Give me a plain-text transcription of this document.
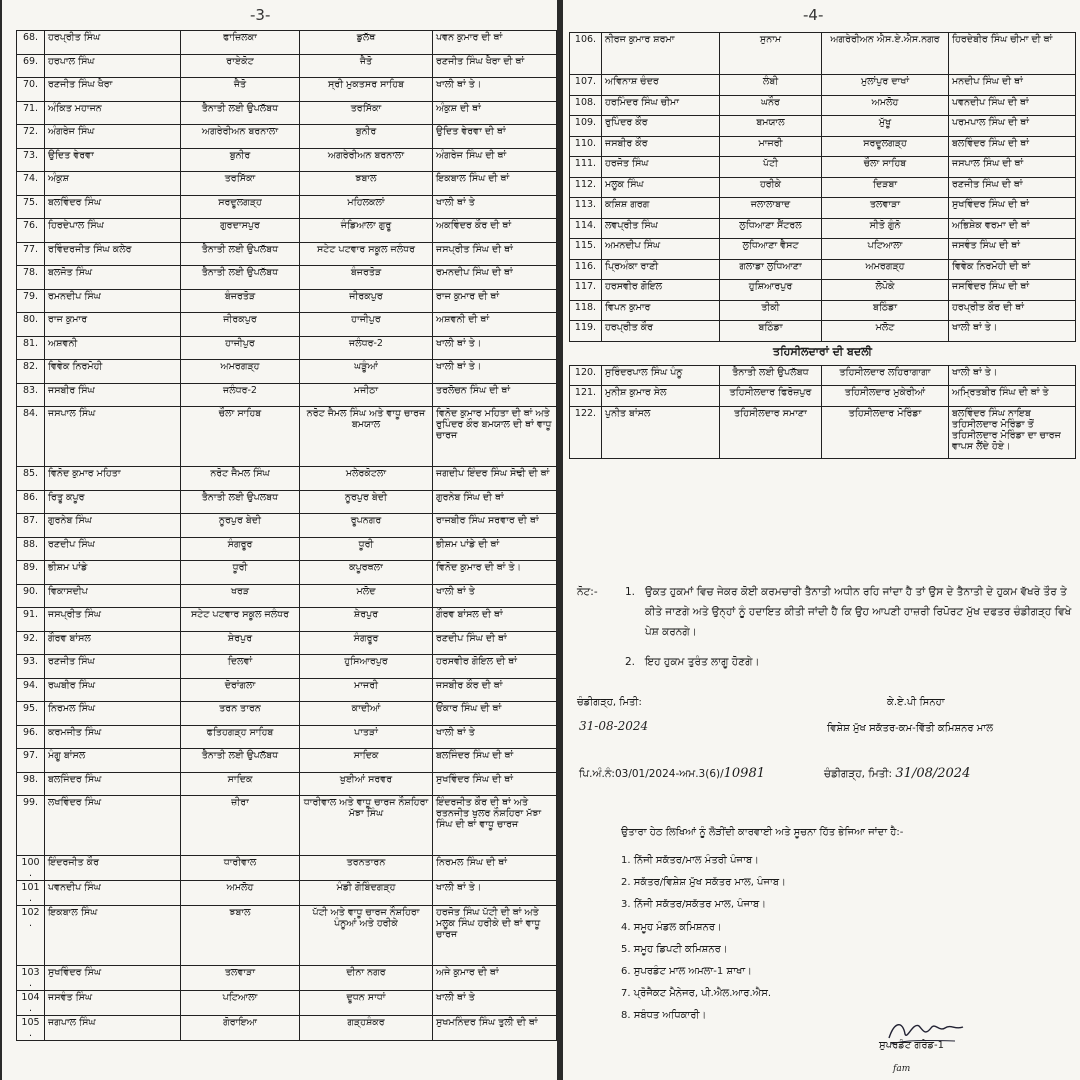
-3-
68.	ਹਰਪ੍ਰੀਤ ਸਿੰਘ	ਫਾਜ਼ਿਲਕਾ	ਡੁਲੱਥ	ਪਵਨ ਕੁਮਾਰ ਦੀ ਥਾਂ
69.	ਹਰਪਾਲ ਸਿੰਘ	ਰਾਏਕੋਟ	ਜੈਤੋ	ਰਣਜੀਤ ਸਿੰਘ ਖੈਰਾ ਦੀ ਥਾਂ
70.	ਰਣਜੀਤ ਸਿੰਘ ਖੈਰਾ	ਜੈਤੋ	ਸ੍ਰੀ ਮੁਕਤਸਰ ਸਾਹਿਬ	ਖਾਲੀ ਥਾਂ ਤੇ।
71.	ਅੰਕਿਤ ਮਹਾਜਨ	ਤੈਨਾਤੀ ਲਈ ਉਪਲੱਬਧ	ਤਰਸਿੱਕਾ	ਅੰਕੁਸ਼ ਦੀ ਥਾਂ
72.	ਅੰਗਰੇਜ ਸਿੰਘ	ਅਗਰੇਰੀਅਨ ਬਰਨਾਲਾ	ਬੁਨੀਰ	ਉਦਿਤ ਵੇਰਵਾ ਦੀ ਥਾਂ
73.	ਉਦਿਤ ਵੇਰਵਾ	ਬੁਨੀਰ	ਅਗਰੇਰੀਅਨ ਬਰਨਾਲਾ	ਅੰਗਰੇਜ ਸਿੰਘ ਦੀ ਥਾਂ
74.	ਅੰਕੁਸ਼	ਤਰਸਿੱਕਾ	ਝਬਾਲ	ਇਕਬਾਲ ਸਿੰਘ ਦੀ ਥਾਂ
75.	ਬਲਵਿੰਦਰ ਸਿੰਘ	ਸਰਦੂਲਗੜ੍ਹ	ਮਹਿਲਕਲਾਂ	ਖਾਲੀ ਥਾਂ ਤੇ
76.	ਹਿਰਦੇਪਾਲ ਸਿੰਘ	ਗੁਰਦਾਸਪੁਰ	ਜੰਡਿਆਲਾ ਗੁਰੂ	ਅਕਵਿੰਦਰ ਕੌਰ ਦੀ ਥਾਂ
77.	ਰਵਿੰਦਰਜੀਤ ਸਿੰਘ ਕਲੇਰ	ਤੈਨਾਤੀ ਲਈ ਉਪਲੱਬਧ	ਸਟੇਟ ਪਟਵਾਰ ਸਕੂਲ ਜਲੰਧਰ	ਜਸਪ੍ਰੀਤ ਸਿੰਘ ਦੀ ਥਾਂ
78.	ਬਲਜੋਤ ਸਿੰਘ	ਤੈਨਾਤੀ ਲਈ ਉਪਲੱਬਧ	ਬੰਜਰਤੋੜ	ਰਮਨਦੀਪ ਸਿੰਘ ਦੀ ਥਾਂ
79.	ਰਮਨਦੀਪ ਸਿੰਘ	ਬੰਜਰਤੋੜ	ਜੀਰਕਪੁਰ	ਰਾਜ ਕੁਮਾਰ ਦੀ ਥਾਂ
80.	ਰਾਜ ਕੁਮਾਰ	ਜੀਰਕਪੁਰ	ਹਾਜੀਪੁਰ	ਅਸ਼ਵਨੀ ਦੀ ਥਾਂ
81.	ਅਸ਼ਵਨੀ	ਹਾਜੀਪੁਰ	ਜਲੰਧਰ-2	ਖਾਲੀ ਥਾਂ ਤੇ।
82.	ਵਿਵੇਕ ਨਿਰਮੋਹੀ	ਅਮਰਗੜ੍ਹ	ਘੜੂੰਆਂ	ਖਾਲੀ ਥਾਂ ਤੇ।
83.	ਜਸਬੀਰ ਸਿੰਘ	ਜਲੰਧਰ-2	ਮਜੀਠਾ	ਤਰਲੋਚਨ ਸਿੰਘ ਦੀ ਥਾਂ
84.	ਜਸਪਾਲ ਸਿੰਘ	ਚੌਲਾ ਸਾਹਿਬ	ਨਰੋਟ ਜੈਮਲ ਸਿੰਘ ਅਤੇ ਵਾਧੂ ਚਾਰਜ ਬਮਯਾਲ	ਵਿਨੋਦ ਕੁਮਾਰ ਮਹਿਤਾ ਦੀ ਥਾਂ ਅਤੇ ਰੁਪਿੰਦਰ ਕੌਰ ਬਮਯਾਲ ਦੀ ਥਾਂ ਵਾਧੂ ਚਾਰਜ
85.	ਵਿਨੋਦ ਕੁਮਾਰ ਮਹਿਤਾ	ਨਰੋਟ ਜੈਮਲ ਸਿੰਘ	ਮਲੇਰਕੋਟਲਾ	ਜਗਦੀਪ ਇੰਦਰ ਸਿੰਘ ਸੋਢੀ ਦੀ ਥਾਂ
86.	ਰਿਤੂ ਕਪੂਰ	ਤੈਨਾਤੀ ਲਈ ਉਪਲਬਧ	ਨੂਰਪੁਰ ਬੇਦੀ	ਗੁਰਨੇਬ ਸਿੰਘ ਦੀ ਥਾਂ
87.	ਗੁਰਨੇਬ ਸਿੰਘ	ਨੂਰਪੁਰ ਬੇਦੀ	ਰੂਪਨਗਰ	ਰਾਜਬੀਰ ਸਿੰਘ ਸਰਵਾਰ ਦੀ ਥਾਂ
88.	ਰਣਦੀਪ ਸਿੰਘ	ਸੰਗਰੂਰ	ਧੂਰੀ	ਭੀਸ਼ਮ ਪਾਂਡੇ ਦੀ ਥਾਂ
89.	ਭੀਸ਼ਮ ਪਾਂਡੇ	ਧੂਰੀ	ਕਪੂਰਥਲਾ	ਵਿਨੋਦ ਕੁਮਾਰ ਦੀ ਥਾਂ ਤੇ।
90.	ਵਿਕਾਸਦੀਪ	ਖਰੜ	ਮਲੋਦ	ਖਾਲੀ ਥਾਂ ਤੇ
91.	ਜਸਪ੍ਰੀਤ ਸਿੰਘ	ਸਟੇਟ ਪਟਵਾਰ ਸਕੂਲ ਜਲੰਧਰ	ਸ਼ੇਰਪੁਰ	ਗੌਰਵ ਬਾਂਸਲ ਦੀ ਥਾਂ
92.	ਗੌਰਵ ਬਾਂਸਲ	ਸ਼ੇਰਪੁਰ	ਸੰਗਰੂਰ	ਰਣਦੀਪ ਸਿੰਘ ਦੀ ਥਾਂ
93.	ਰਣਜੀਤ ਸਿੰਘ	ਦਿਲਵਾਂ	ਹੁਸਿਆਰਪੁਰ	ਹਰਸਵੀਰ ਗੋਇਲ ਦੀ ਥਾਂ
94.	ਰਘਬੀਰ ਸਿੰਘ	ਦੋਰਾਂਗਲਾ	ਮਾਜਰੀ	ਜਸਬੀਰ ਕੌਰ ਦੀ ਥਾਂ
95.	ਨਿਰਮਲ ਸਿੰਘ	ਤਰਨ ਤਾਰਨ	ਕਾਦੀਆਂ	ਓਂਕਾਰ ਸਿੰਘ ਦੀ ਥਾਂ
96.	ਕਰਮਜੀਤ ਸਿੰਘ	ਫਤਿਹਗੜ੍ਹ ਸਾਹਿਬ	ਪਾਤੜਾਂ	ਖਾਲੀ ਥਾਂ ਤੇ
97.	ਮੰਗੂ ਬਾਂਸਲ	ਤੈਨਾਤੀ ਲਈ ਉਪਲੱਬਧ	ਸਾਦਿਕ	ਬਲਜਿੰਦਰ ਸਿੰਘ ਦੀ ਥਾਂ
98.	ਬਲਜਿੰਦਰ ਸਿੰਘ	ਸਾਦਿਕ	ਖੁਈਆਂ ਸਰਵਰ	ਸੁਖਵਿੰਦਰ ਸਿੰਘ ਦੀ ਥਾਂ
99.	ਲਖਵਿੰਦਰ ਸਿੰਘ	ਜ਼ੀਰਾ	ਧਾਰੀਵਾਲ ਅਤੇ ਵਾਧੂ ਚਾਰਜ ਨੌਸ਼ਹਿਰਾ ਮੱਝਾ ਸਿੰਘ	ਇੰਦਰਜੀਤ ਕੌਰ ਦੀ ਥਾਂ ਅਤੇ ਰਤਨਜੀਤ ਖੁਲਰ ਨੌਸ਼ਹਿਰਾ ਮੱਝਾ ਸਿੰਘ ਦੀ ਥਾਂ ਵਾਧੂ ਚਾਰਜ
100.	ਇੰਦਰਜੀਤ ਕੌਰ	ਧਾਰੀਵਾਲ	ਤਰਨਤਾਰਨ	ਨਿਰਮਲ ਸਿੰਘ ਦੀ ਥਾਂ
101.	ਪਵਨਦੀਪ ਸਿੰਘ	ਅਮਲੋਹ	ਮੰਡੀ ਗੋਬਿੰਦਗੜ੍ਹ	ਖਾਲੀ ਥਾਂ ਤੇ।
102.	ਇਕਬਾਲ ਸਿੰਘ	ਝਬਾਲ	ਪੱਟੀ ਅਤੇ ਵਾਧੂ ਚਾਰਜ ਨੌਸ਼ਹਿਰਾ ਪੰਨੂਆਂ ਅਤੇ ਹਰੀਕੇ	ਹਰਜੋਤ ਸਿੰਘ ਪੱਟੀ ਦੀ ਥਾਂ ਅਤੇ ਮਲੂਕ ਸਿੰਘ ਹਰੀਕੇ ਦੀ ਥਾਂ ਵਾਧੂ ਚਾਰਜ
103.	ਸੁਖਵਿੰਦਰ ਸਿੰਘ	ਤਲਵਾੜਾ	ਦੀਨਾ ਨਗਰ	ਅਜੇ ਕੁਮਾਰ ਦੀ ਥਾਂ
104.	ਜਸਵੰਤ ਸਿੰਘ	ਪਟਿਆਲਾ	ਦੂਧਨ ਸਾਧਾਂ	ਖਾਲੀ ਥਾਂ ਤੇ
105.	ਜਗਪਾਲ ਸਿੰਘ	ਗੋਰਾਇਆ	ਗੜ੍ਹਸ਼ੰਕਰ	ਸੁਖਮਨਿੰਦਰ ਸਿੰਘ ਤੁਲੀ ਦੀ ਥਾਂ
-4-
106.	ਨੀਰਜ ਕੁਮਾਰ ਸ਼ਰਮਾ	ਸੁਨਾਮ	ਅਗਰੇਰੀਅਨ ਐਸ.ਏ.ਐਸ.ਨਗਰ	ਹਿਰਦੇਬੀਰ ਸਿੰਘ ਚੀਮਾ ਦੀ ਥਾਂ
107.	ਅਵਿਨਾਸ਼ ਚੰਦਰ	ਲੰਬੀ	ਮੁਲਾਂਪੁਰ ਦਾਖਾਂ	ਮਨਦੀਪ ਸਿੰਘ ਦੀ ਥਾਂ
108.	ਹਰਮਿੰਦਰ ਸਿੰਘ ਚੀਮਾ	ਘਨੌਰ	ਅਮਲੋਹ	ਪਵਨਦੀਪ ਸਿੰਘ ਦੀ ਥਾਂ
109.	ਰੁਪਿੰਦਰ ਕੌਰ	ਬਮਯਾਲ	ਮੁੱਖੂ	ਪਰਮਪਾਲ ਸਿੰਘ ਦੀ ਥਾਂ
110.	ਜਸਬੀਰ ਕੌਰ	ਮਾਜਰੀ	ਸਰਦੂਲਗੜ੍ਹ	ਬਲਵਿੰਦਰ ਸਿੰਘ ਦੀ ਥਾਂ
111.	ਹਰਜੋਤ ਸਿੰਘ	ਪੱਟੀ	ਚੌਲਾ ਸਾਹਿਬ	ਜਸਪਾਲ ਸਿੰਘ ਦੀ ਥਾਂ
112.	ਮਲੂਕ ਸਿੰਘ	ਹਰੀਕੇ	ਦਿੜਬਾ	ਰਣਜੀਤ ਸਿੰਘ ਦੀ ਥਾਂ
113.	ਕਸ਼ਿਸ਼ ਗਰਗ	ਜਲਾਲਾਬਾਦ	ਤਲਵਾੜਾ	ਸੁਖਵਿੰਦਰ ਸਿੰਘ ਦੀ ਥਾਂ
114.	ਲਵਪ੍ਰੀਤ ਸਿੰਘ	ਲੁਧਿਆਣਾ ਸੈਂਟਰਲ	ਸੀਤੋ ਗੁੰਨੋ	ਅਭਿਸ਼ੇਕ ਵਰਮਾ ਦੀ ਥਾਂ
115.	ਅਮਨਦੀਪ ਸਿੰਘ	ਲੁਧਿਆਣਾ ਵੈਸਟ	ਪਟਿਆਲਾ	ਜਸਵੰਤ ਸਿੰਘ ਦੀ ਥਾਂ
116.	ਪ੍ਰਿਅੰਕਾ ਰਾਣੀ	ਗਲਾਡਾ ਲੁਧਿਆਣਾ	ਅਮਰਗੜ੍ਹ	ਵਿਵੇਕ ਨਿਰਮੋਹੀ ਦੀ ਥਾਂ
117.	ਹਰਸਵੀਰ ਗੋਇਲ	ਹੁਸ਼ਿਆਰਪੁਰ	ਲੋਪੋਕੇ	ਜਸਵਿੰਦਰ ਸਿੰਘ ਦੀ ਥਾਂ
118.	ਵਿਪਨ ਕੁਮਾਰ	ਤੀਕੀ	ਬਠਿੰਡਾ	ਹਰਪ੍ਰੀਤ ਕੌਰ ਦੀ ਥਾਂ
119.	ਹਰਪ੍ਰੀਤ ਕੌਰ	ਬਠਿੰਡਾ	ਮਲੋਟ	ਖਾਲੀ ਥਾਂ ਤੇ।
ਤਹਿਸੀਲਦਾਰਾਂ ਦੀ ਬਦਲੀ				
120.	ਸੁਰਿੰਦਰਪਾਲ ਸਿੰਘ ਪੰਨੂ	ਤੈਨਾਤੀ ਲਈ ਉਪਲੱਬਧ	ਤਹਿਸੀਲਦਾਰ ਲਹਿਰਾਗਾਗਾ	ਖਾਲੀ ਥਾਂ ਤੇ।
121.	ਮੁਨੀਸ਼ ਕੁਮਾਰ ਸੇਲ	ਤਹਿਸੀਲਦਾਰ ਫਿਰੋਜ਼ਪੁਰ	ਤਹਿਸੀਲਦਾਰ ਮੁਕੇਰੀਆਂ	ਅਮ੍ਰਿਤਬੀਰ ਸਿੰਘ ਦੀ ਥਾਂ ਤੇ
122.	ਪੁਨੀਤ ਬਾਂਸਲ	ਤਹਿਸੀਲਦਾਰ ਸਮਾਣਾ	ਤਹਿਸੀਲਦਾਰ ਮੋਰਿੰਡਾ	ਬਲਵਿੰਦਰ ਸਿੰਘ ਨਾਇਬ ਤਹਿਸੀਲਦਾਰ ਮੋਰਿੰਡਾ ਤੋਂ ਤਹਿਸੀਲਦਾਰ ਮੋਰਿੰਡਾ ਦਾ ਚਾਰਜ ਵਾਪਸ ਲੈਂਦੇ ਹੋਏ।
ਨੋਟ:-	1. ਉਕਤ ਹੁਕਮਾਂ ਵਿਚ ਜੇਕਰ ਕੋਈ ਕਰਮਚਾਰੀ ਤੈਨਾਤੀ ਅਧੀਨ ਰਹਿ ਜਾਂਦਾ ਹੈ ਤਾਂ ਉਸ ਦੇ ਤੈਨਾਤੀ ਦੇ ਹੁਕਮ ਵੱਖਰੇ ਤੌਰ ਤੇ ਕੀਤੇ ਜਾਣਗੇ ਅਤੇ ਉਨ੍ਹਾਂ ਨੂੰ ਹਦਾਇਤ ਕੀਤੀ ਜਾਂਦੀ ਹੈ ਕਿ ਉਹ ਆਪਣੀ ਹਾਜ਼ਰੀ ਰਿਪੋਰਟ ਮੁੱਖ ਦਫਤਰ ਚੰਡੀਗੜ੍ਹ ਵਿਖੇ ਪੇਸ਼ ਕਰਨਗੇ।
2. ਇਹ ਹੁਕਮ ਤੁਰੰਤ ਲਾਗੂ ਹੋਣਗੇ।
ਚੰਡੀਗੜ੍ਹ, ਮਿਤੀ:
31-08-2024
ਕੇ.ਏ.ਪੀ ਸਿਨਹਾ
ਵਿਸ਼ੇਸ਼ ਮੁੱਖ ਸਕੱਤਰ-ਕਮ-ਵਿੱਤੀ ਕਮਿਸ਼ਨਰ ਮਾਲ
ਪਿ.ਅੰ.ਨੰ:03/01/2024-ਅਮ.3(6)/10981	ਚੰਡੀਗੜ੍ਹ, ਮਿਤੀ: 31/08/2024
ਉਤਾਰਾ ਹੇਠ ਲਿਖਿਆਂ ਨੂੰ ਲੋੜੀਂਦੀ ਕਾਰਵਾਈ ਅਤੇ ਸੂਚਨਾ ਹਿੱਤ ਭੇਜਿਆ ਜਾਂਦਾ ਹੈ:-
1. ਨਿੱਜੀ ਸਕੱਤਰ/ਮਾਲ ਮੰਤਰੀ ਪੰਜਾਬ।
2. ਸਕੱਤਰ/ਵਿਸ਼ੇਸ਼ ਮੁੱਖ ਸਕੱਤਰ ਮਾਲ, ਪੰਜਾਬ।
3. ਨਿੱਜੀ ਸਕੱਤਰ/ਸਕੱਤਰ ਮਾਲ, ਪੰਜਾਬ।
4. ਸਮੂਹ ਮੰਡਲ ਕਮਿਸ਼ਨਰ।
5. ਸਮੂਹ ਡਿਪਟੀ ਕਮਿਸ਼ਨਰ।
6. ਸੁਪਰਡੰਟ ਮਾਲ ਅਮਲਾ-1 ਸ਼ਾਖਾ।
7. ਪ੍ਰੋਜੈਕਟ ਮੈਨੇਜਰ, ਪੀ.ਐਲ.ਆਰ.ਐਸ.
8. ਸਬੰਧਤ ਅਧਿਕਾਰੀ।
ਸੁਪਰਡੰਟ ਗਰੇਡ-1
fam
